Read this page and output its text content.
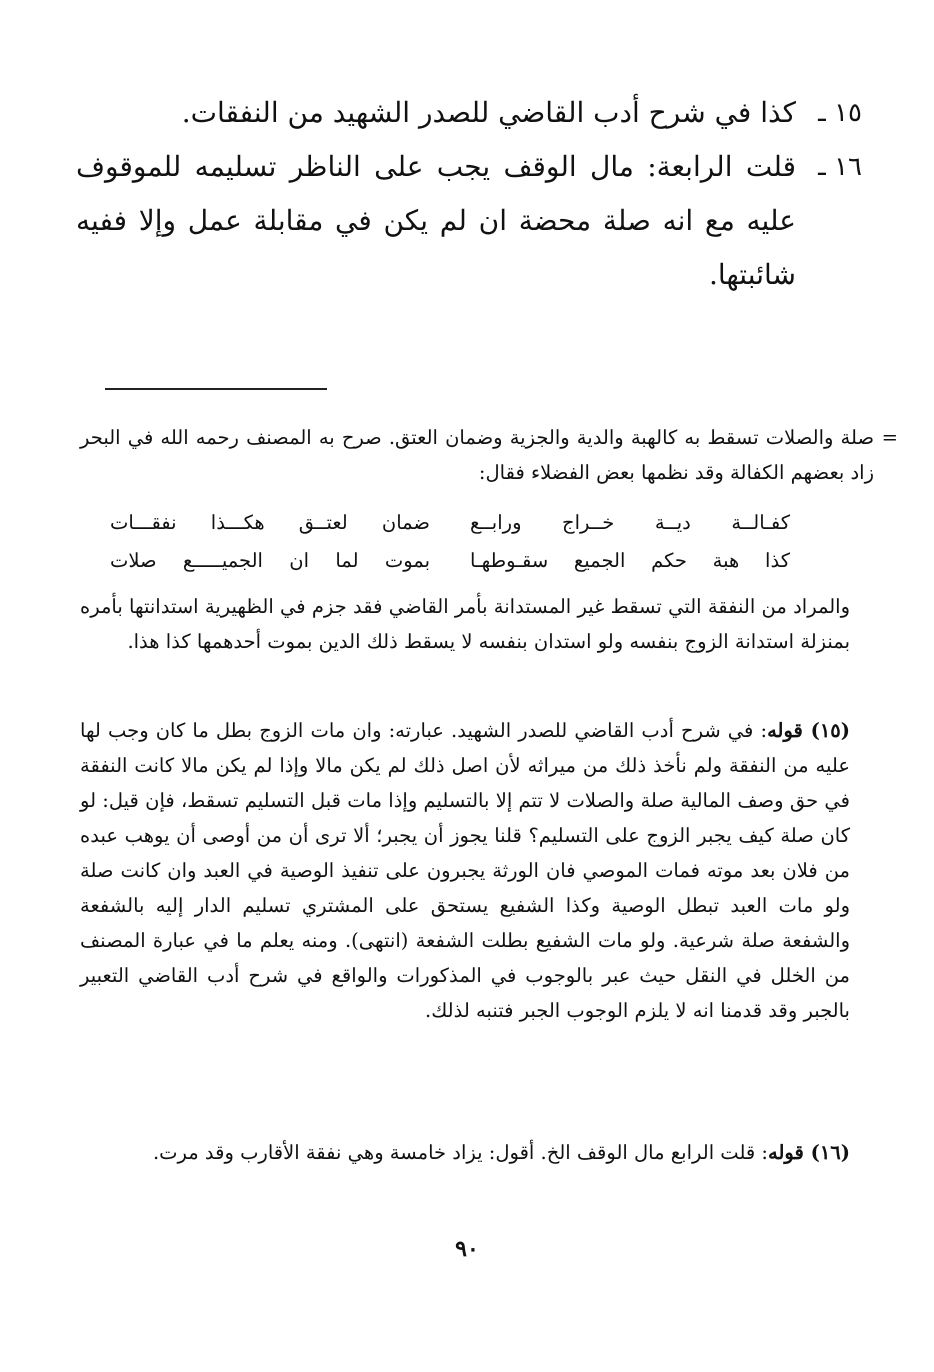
١٥ ـ
كذا في شرح أدب القاضي للصدر الشهيد من النفقات.
١٦ ـ
قلت الرابعة: مال الوقف يجب على الناظر تسليمه للموقوف عليه مع انه صلة محضة ان لم يكن في مقابلة عمل وإلا ففيه شائبتها.
=
صلة والصلات تسقط به كالهبة والدية والجزية وضمان العتق. صرح به المصنف رحمه الله في البحر زاد بعضهم الكفالة وقد نظمها بعض الفضلاء فقال:
كفـالــة ديــة خــراج ورابــع
ضمان لعتــق هكـــذا نفقـــات
كذا هبة حكم الجميع سقـوطهـا
بموت لما ان الجميـــــع صلات
والمراد من النفقة التي تسقط غير المستدانة بأمر القاضي فقد جزم في الظهيرية استدانتها بأمره بمنزلة استدانة الزوج بنفسه ولو استدان بنفسه لا يسقط ذلك الدين بموت أحدهمها كذا هذا.
(١٥) قوله: في شرح أدب القاضي للصدر الشهيد. عبارته: وان مات الزوج بطل ما كان وجب لها عليه من النفقة ولم نأخذ ذلك من ميراثه لأن اصل ذلك لم يكن مالا وإذا لم يكن مالا كانت النفقة في حق وصف المالية صلة والصلات لا تتم إلا بالتسليم وإذا مات قبل التسليم تسقط، فإن قيل: لو كان صلة كيف يجبر الزوج على التسليم؟ قلنا يجوز أن يجبر؛ ألا ترى أن من أوصى أن يوهب عبده من فلان بعد موته فمات الموصي فان الورثة يجبرون على تنفيذ الوصية في العبد وان كانت صلة ولو مات العبد تبطل الوصية وكذا الشفيع يستحق على المشتري تسليم الدار إليه بالشفعة والشفعة صلة شرعية. ولو مات الشفيع بطلت الشفعة (انتهى). ومنه يعلم ما في عبارة المصنف من الخلل في النقل حيث عبر بالوجوب في المذكورات والواقع في شرح أدب القاضي التعبير بالجبر وقد قدمنا انه لا يلزم الوجوب الجبر فتنبه لذلك.
(١٦) قوله: قلت الرابع مال الوقف الخ. أقول: يزاد خامسة وهي نفقة الأقارب وقد مرت.
٩٠
